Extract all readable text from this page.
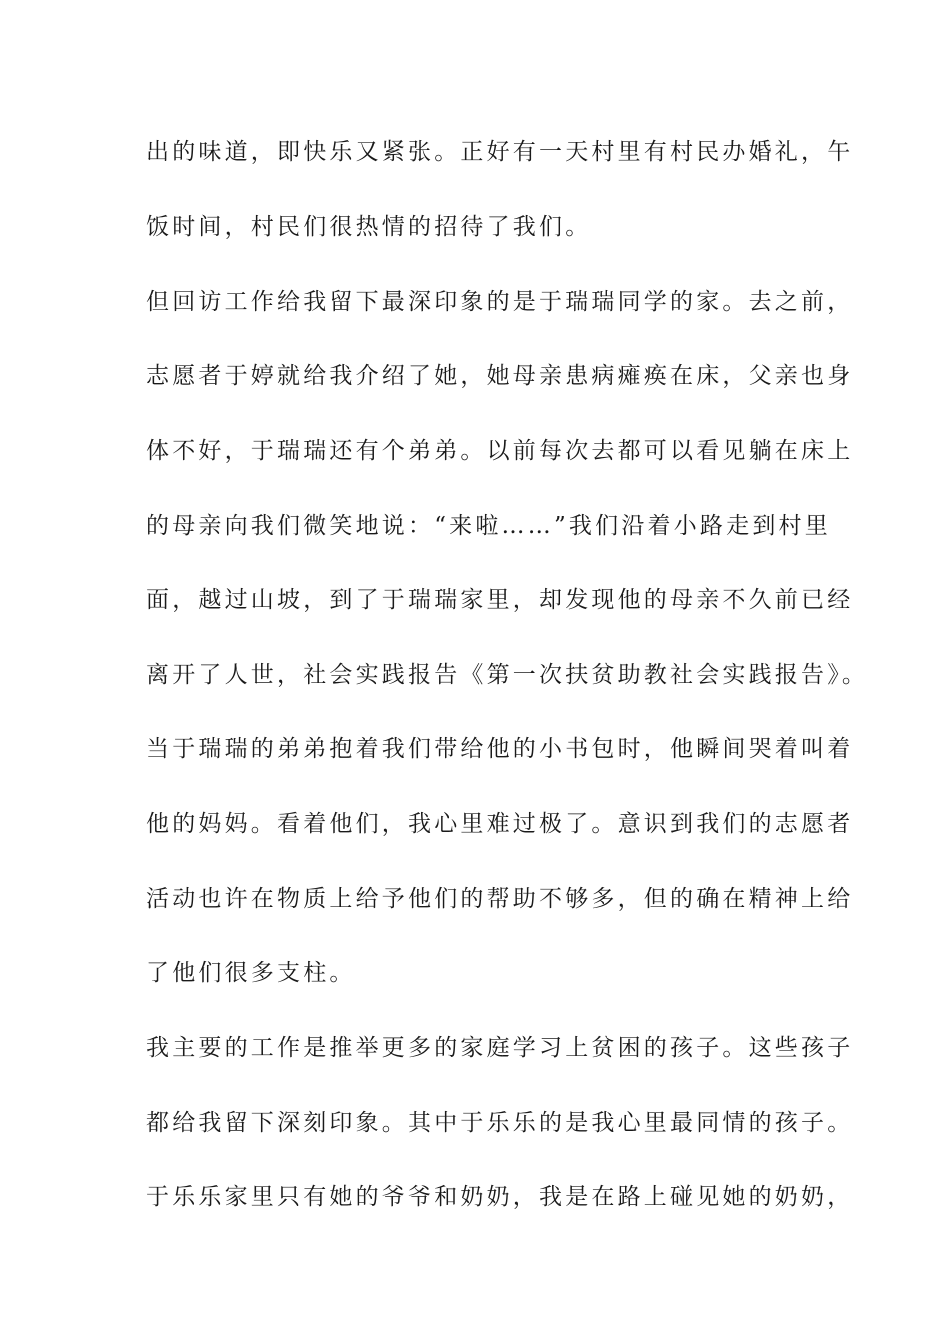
出的味道，即快乐又紧张。正好有一天村里有村民办婚礼，午
饭时间，村民们很热情的招待了我们。
但回访工作给我留下最深印象的是于瑞瑞同学的家。去之前，
志愿者于婷就给我介绍了她，她母亲患病瘫痪在床，父亲也身
体不好，于瑞瑞还有个弟弟。以前每次去都可以看见躺在床上
的母亲向我们微笑地说：“来啦……”我们沿着小路走到村里
面，越过山坡，到了于瑞瑞家里，却发现他的母亲不久前已经
离开了人世，社会实践报告《第一次扶贫助教社会实践报告》。
当于瑞瑞的弟弟抱着我们带给他的小书包时，他瞬间哭着叫着
他的妈妈。看着他们，我心里难过极了。意识到我们的志愿者
活动也许在物质上给予他们的帮助不够多，但的确在精神上给
了他们很多支柱。
我主要的工作是推举更多的家庭学习上贫困的孩子。这些孩子
都给我留下深刻印象。其中于乐乐的是我心里最同情的孩子。
于乐乐家里只有她的爷爷和奶奶，我是在路上碰见她的奶奶，
